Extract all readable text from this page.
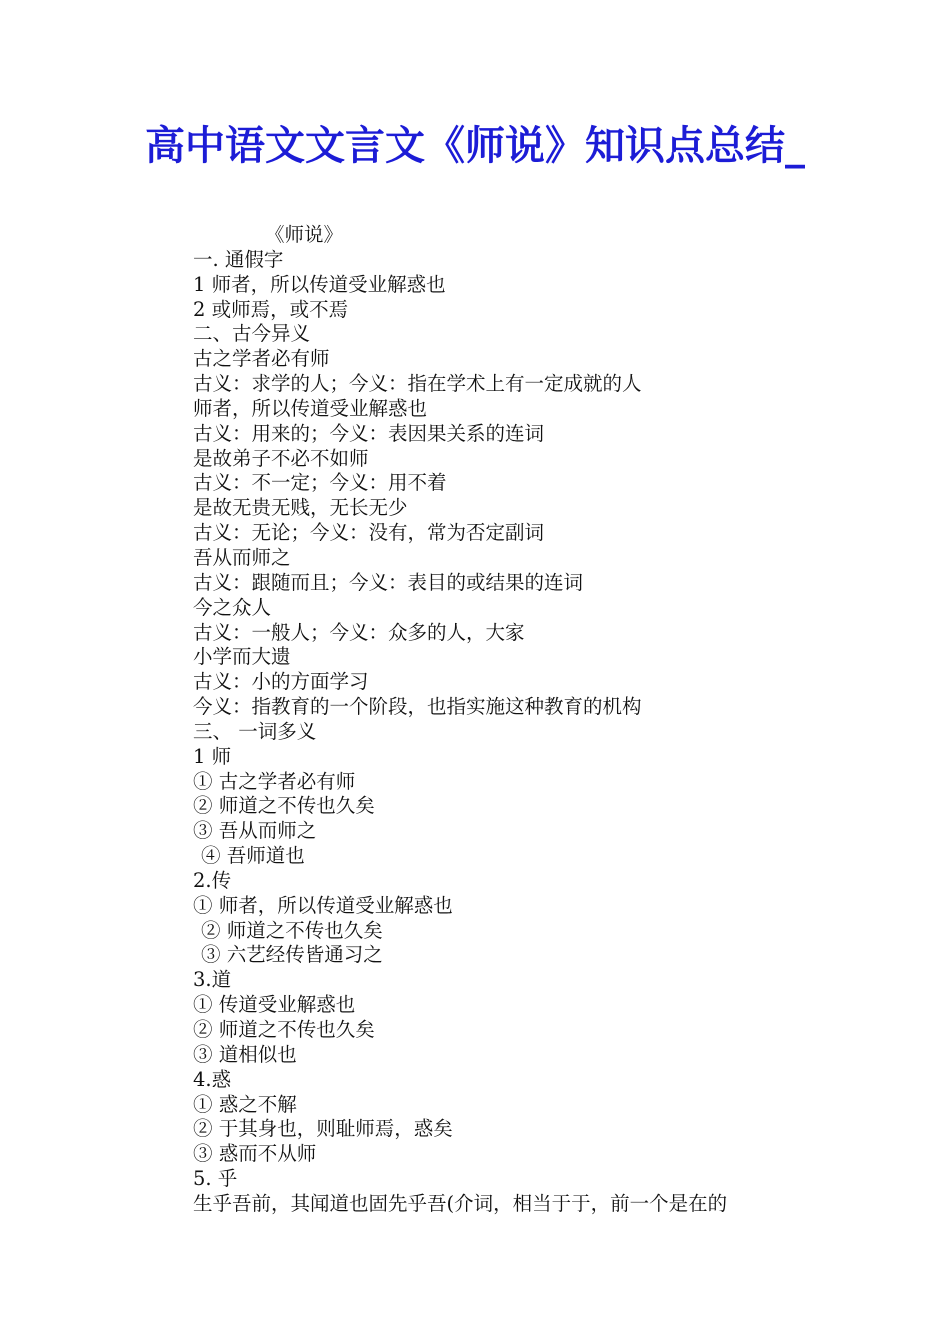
高中语文文言文《师说》知识点总结_
《师说》
一. 通假字
1 师者，所以传道受业解惑也
2 或师焉，或不焉
二、古今异义
古之学者必有师
古义：求学的人；今义：指在学术上有一定成就的人
师者，所以传道受业解惑也
古义：用来的；今义：表因果关系的连词
是故弟子不必不如师
古义：不一定；今义：用不着
是故无贵无贱，无长无少
古义：无论；今义：没有，常为否定副词
吾从而师之
古义：跟随而且；今义：表目的或结果的连词
今之众人
古义：一般人；今义：众多的人，大家
小学而大遗
古义：小的方面学习
今义：指教育的一个阶段，也指实施这种教育的机构
三、 一词多义
1 师
① 古之学者必有师
② 师道之不传也久矣
③ 吾从而师之
④ 吾师道也
2.传
① 师者，所以传道受业解惑也
② 师道之不传也久矣
③ 六艺经传皆通习之
3.道
① 传道受业解惑也
② 师道之不传也久矣
③ 道相似也
4.惑
① 惑之不解
② 于其身也，则耻师焉，惑矣
③ 惑而不从师
5. 乎
生乎吾前，其闻道也固先乎吾(介词，相当于于，前一个是在的
